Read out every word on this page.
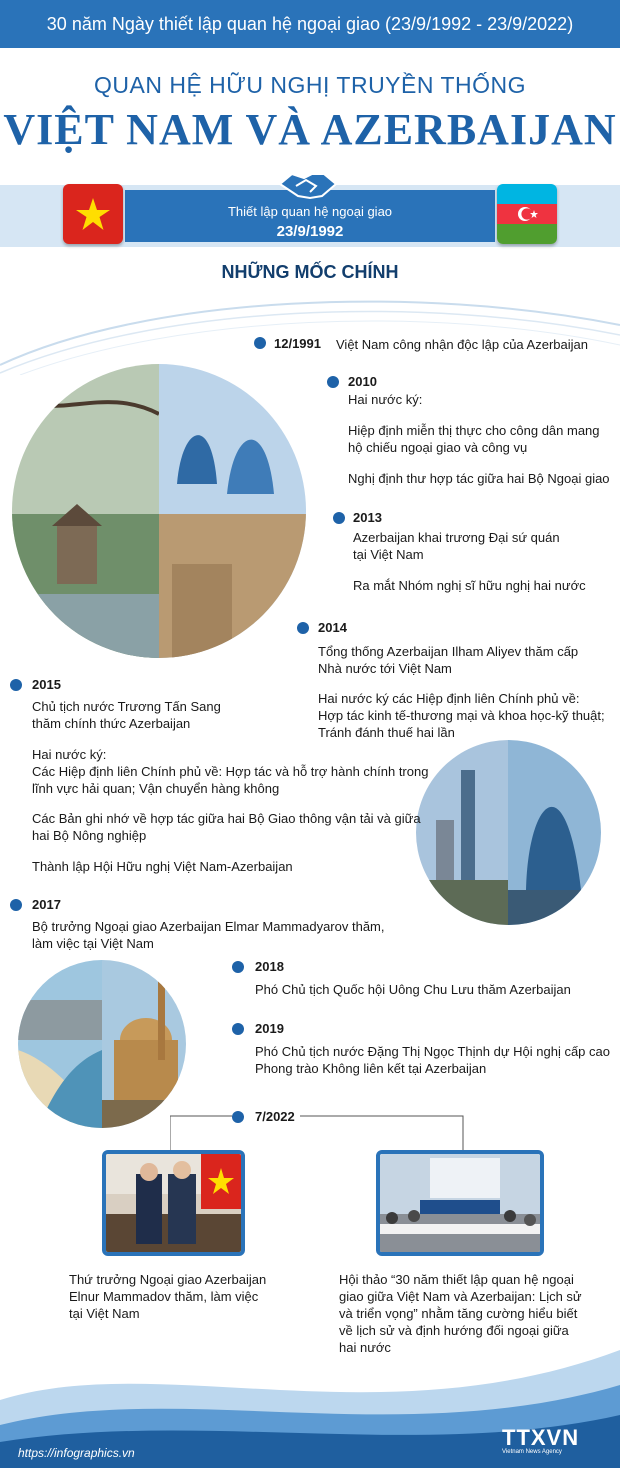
30 năm Ngày thiết lập quan hệ ngoại giao (23/9/1992 - 23/9/2022)
QUAN HỆ HỮU NGHỊ TRUYỀN THỐNG
VIỆT NAM VÀ AZERBAIJAN
Thiết lập quan hệ ngoại giao
23/9/1992
NHỮNG MỐC CHÍNH
12/1991 Việt Nam công nhận độc lập của Azerbaijan
2010
Hai nước ký:
Hiệp định miễn thị thực cho công dân mang
hộ chiếu ngoại giao và công vụ
Nghị định thư hợp tác giữa hai Bộ Ngoại giao
2013
Azerbaijan khai trương Đại sứ quán
tại Việt Nam
Ra mắt Nhóm nghị sĩ hữu nghị hai nước
2014
Tổng thống Azerbaijan Ilham Aliyev thăm cấp
Nhà nước tới Việt Nam
Hai nước ký các Hiệp định liên Chính phủ về:
Hợp tác kinh tế-thương mại và khoa học-kỹ thuật;
Tránh đánh thuế hai lần
2015
Chủ tịch nước Trương Tấn Sang
thăm chính thức Azerbaijan
Hai nước ký:
Các Hiệp định liên Chính phủ về: Hợp tác và hỗ trợ hành chính trong
lĩnh vực hải quan; Vận chuyển hàng không
Các Bản ghi nhớ về hợp tác giữa hai Bộ Giao thông vận tải và giữa
hai Bộ Nông nghiệp
Thành lập Hội Hữu nghị Việt Nam-Azerbaijan
2017
Bộ trưởng Ngoại giao Azerbaijan Elmar Mammadyarov thăm,
làm việc tại Việt Nam
2018
Phó Chủ tịch Quốc hội Uông Chu Lưu thăm Azerbaijan
2019
Phó Chủ tịch nước Đặng Thị Ngọc Thịnh dự Hội nghị cấp cao
Phong trào Không liên kết tại Azerbaijan
7/2022
Thứ trưởng Ngoại giao Azerbaijan
Elnur Mammadov thăm, làm việc
tại Việt Nam
Hội thảo “30 năm thiết lập quan hệ ngoại
giao giữa Việt Nam và Azerbaijan: Lịch sử
và triển vọng” nhằm tăng cường hiểu biết
về lịch sử và định hướng đối ngoại giữa
hai nước
https://infographics.vn
TTXVN
Vietnam News Agency
